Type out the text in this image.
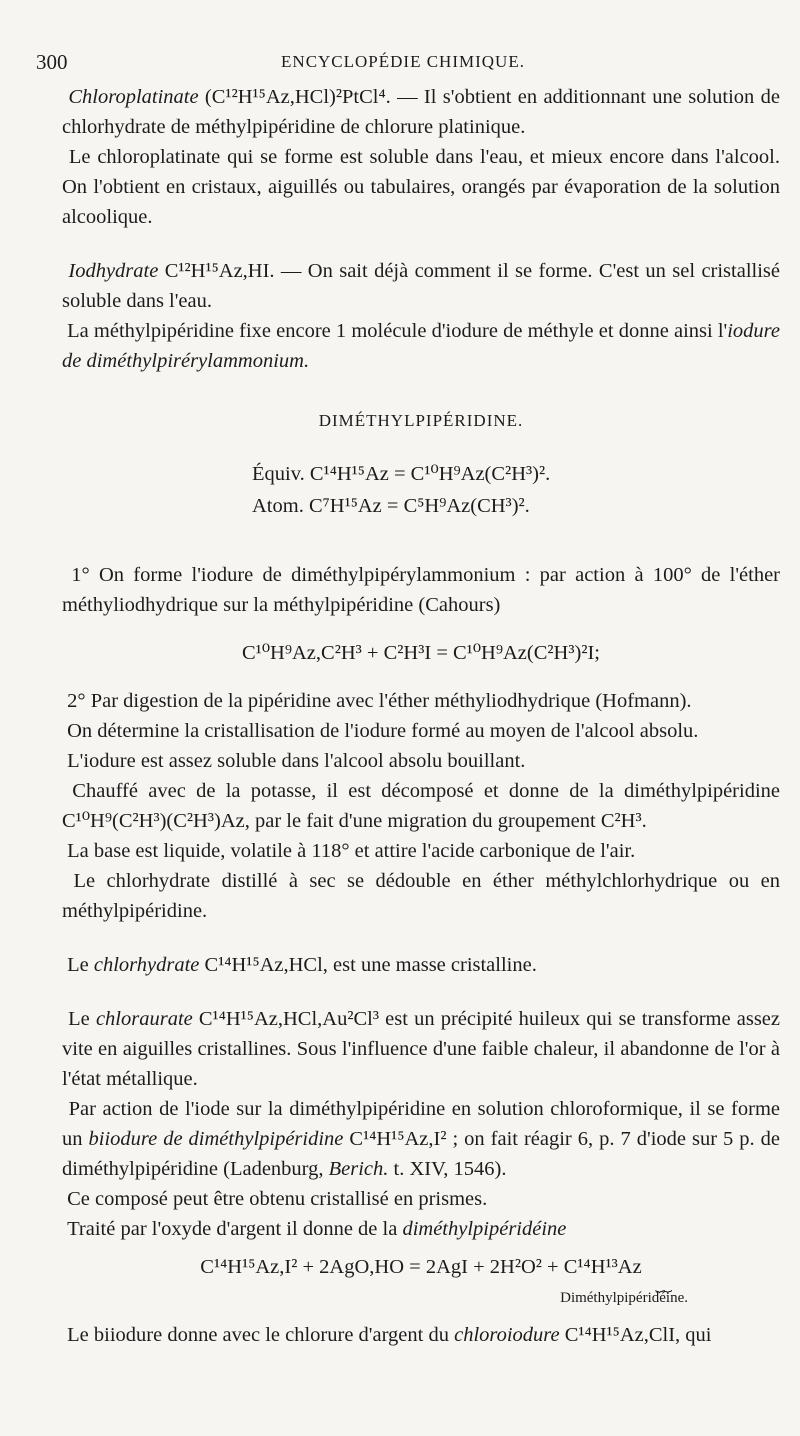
300	ENCYCLOPÉDIE CHIMIQUE.

Chloroplatinate (C¹²H¹⁵Az,HCl)²PtCl⁴. — Il s'obtient en additionnant une solution de chlorhydrate de méthylpipéridine de chlorure platinique.

Le chloroplatinate qui se forme est soluble dans l'eau, et mieux encore dans l'alcool. On l'obtient en cristaux, aiguillés ou tabulaires, orangés par évaporation de la solution alcoolique.

Iodhydrate C¹²H¹⁵Az,HI. — On sait déjà comment il se forme. C'est un sel cristallisé soluble dans l'eau.

La méthylpipéridine fixe encore 1 molécule d'iodure de méthyle et donne ainsi l'iodure de diméthylpirérylammonium.

DIMÉTHYLPIPÉRIDINE.

Équiv. C¹⁴H¹⁵Az = C¹⁰H⁹Az(C²H³)².
Atom. C⁷H¹⁵Az = C⁵H⁹Az(CH³)².

1° On forme l'iodure de diméthylpipérylammonium : par action à 100° de l'éther méthyliodhydrique sur la méthylpipéridine (Cahours)

C¹⁰H⁹Az,C²H³ + C²H³I = C¹⁰H⁹Az(C²H³)²I;

2° Par digestion de la pipéridine avec l'éther méthyliodhydrique (Hofmann).

On détermine la cristallisation de l'iodure formé au moyen de l'alcool absolu.

L'iodure est assez soluble dans l'alcool absolu bouillant.

Chauffé avec de la potasse, il est décomposé et donne de la diméthylpipéridine C¹⁰H⁹(C²H³)(C²H³)Az, par le fait d'une migration du groupement C²H³.

La base est liquide, volatile à 118° et attire l'acide carbonique de l'air.

Le chlorhydrate distillé à sec se dédouble en éther méthylchlorhydrique ou en méthylpipéridine.

Le chlorhydrate C¹⁴H¹⁵Az,HCl, est une masse cristalline.

Le chloraurate C¹⁴H¹⁵Az,HCl,Au²Cl³ est un précipité huileux qui se transforme assez vite en aiguilles cristallines. Sous l'influence d'une faible chaleur, il abandonne de l'or à l'état métallique.

Par action de l'iode sur la diméthylpipéridine en solution chloroformique, il se forme un biiodure de diméthylpipéridine C¹⁴H¹⁵Az,I² ; on fait réagir 6, p. 7 d'iode sur 5 p. de diméthylpipéridine (Ladenburg, Berich. t. XIV, 1546).

Ce composé peut être obtenu cristallisé en prismes.

Traité par l'oxyde d'argent il donne de la diméthylpipéridéine

C¹⁴H¹⁵Az,I² + 2AgO,HO = 2AgI + 2H²O² + C¹⁴H¹³Az

⏟⏟

Diméthylpipéridéine.

Le biiodure donne avec le chlorure d'argent du chloroiodure C¹⁴H¹⁵Az,ClI, qui
